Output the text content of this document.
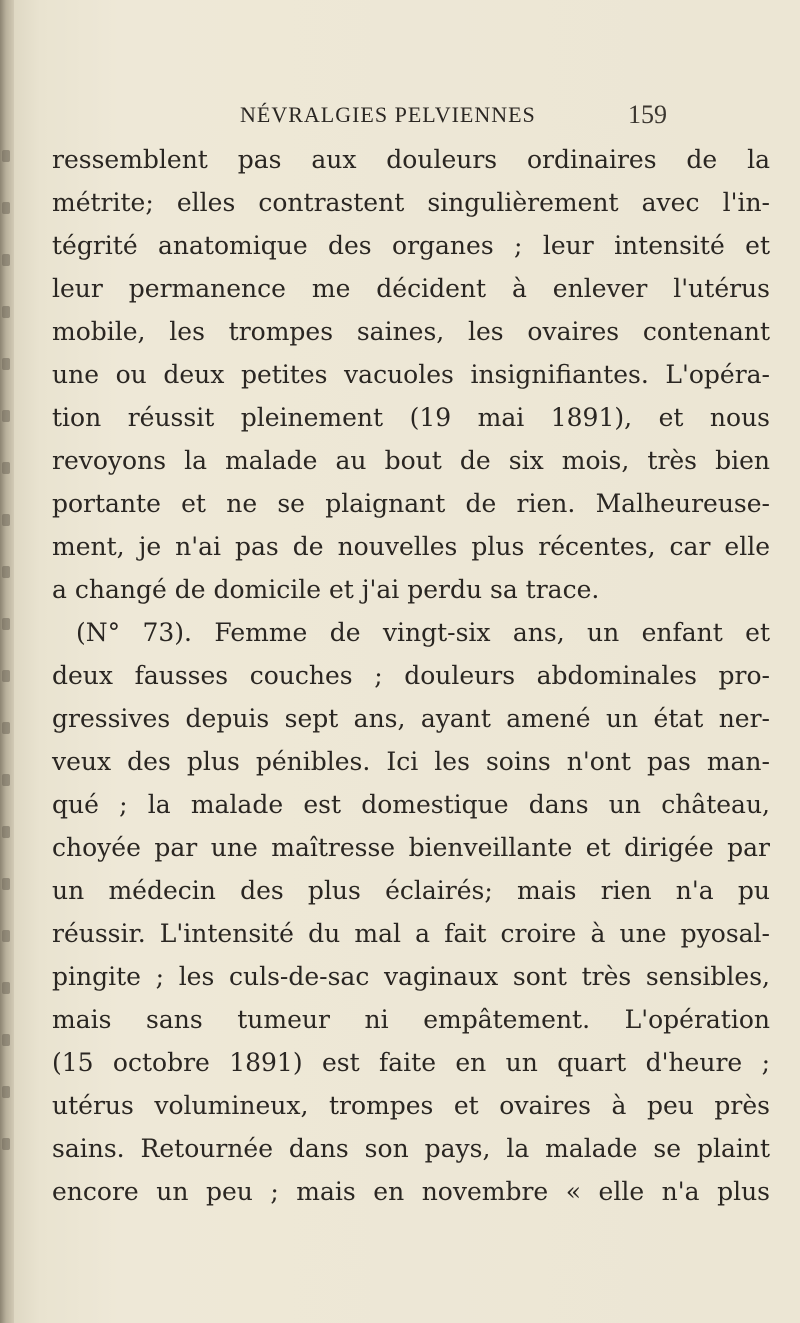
NÉVRALGIES PELVIENNES	159
ressemblent pas aux douleurs ordinaires de la
métrite; elles contrastent singulièrement avec l'in-
tégrité anatomique des organes ; leur intensité et
leur permanence me décident à enlever l'utérus
mobile, les trompes saines, les ovaires contenant
une ou deux petites vacuoles insignifiantes. L'opéra-
tion réussit pleinement (19 mai 1891), et nous
revoyons la malade au bout de six mois, très bien
portante et ne se plaignant de rien. Malheureuse-
ment, je n'ai pas de nouvelles plus récentes, car elle
a changé de domicile et j'ai perdu sa trace.
(N° 73). Femme de vingt-six ans, un enfant et
deux fausses couches ; douleurs abdominales pro-
gressives depuis sept ans, ayant amené un état ner-
veux des plus pénibles. Ici les soins n'ont pas man-
qué ; la malade est domestique dans un château,
choyée par une maîtresse bienveillante et dirigée par
un médecin des plus éclairés; mais rien n'a pu
réussir. L'intensité du mal a fait croire à une pyosal-
pingite ; les culs-de-sac vaginaux sont très sensibles,
mais sans tumeur ni empâtement. L'opération
(15 octobre 1891) est faite en un quart d'heure ;
utérus volumineux, trompes et ovaires à peu près
sains. Retournée dans son pays, la malade se plaint
encore un peu ; mais en novembre « elle n'a plus
